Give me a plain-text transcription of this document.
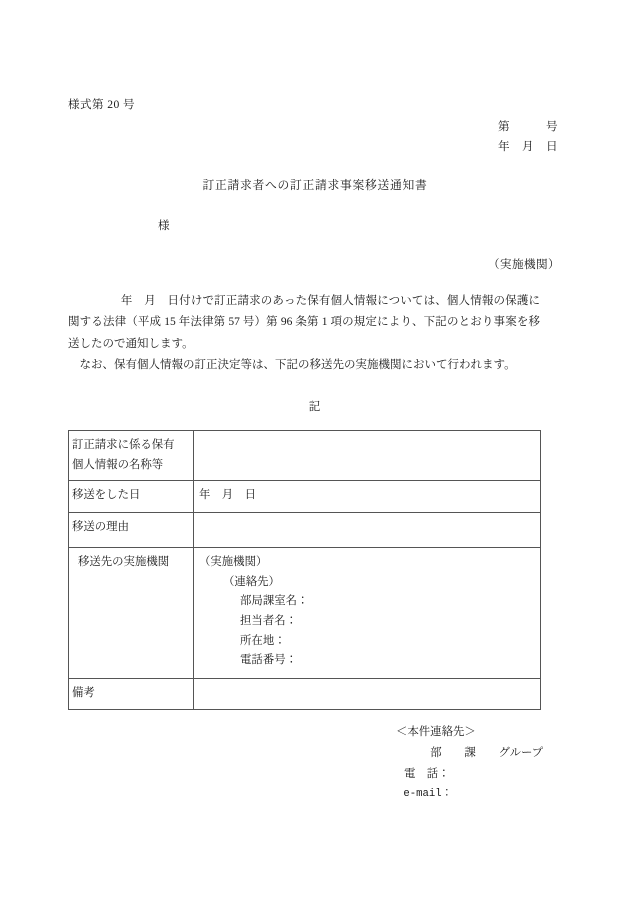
様式第 20 号
第　　　号
年　月　日
訂正請求者への訂正請求事案移送通知書
様
（実施機関）

年　月　日付けで訂正請求のあった保有個人情報については、個人情報の保護に関する法律（平成 15 年法律第 57 号）第 96 条第 1 項の規定により、下記のとおり事案を移送したので通知します。

なお、保有個人情報の訂正決定等は、下記の移送先の実施機関において行われます。

記
訂正請求に係る保有
個人情報の名称等	

移送をした日	年　月　日

移送の理由	

移送先の実施機関	（実施機関）
（連絡先）
部局課室名：
担当者名：
所在地：
電話番号：

備考	

＜本件連絡先＞
部　　課　　グループ
電　話：
e-mail：
